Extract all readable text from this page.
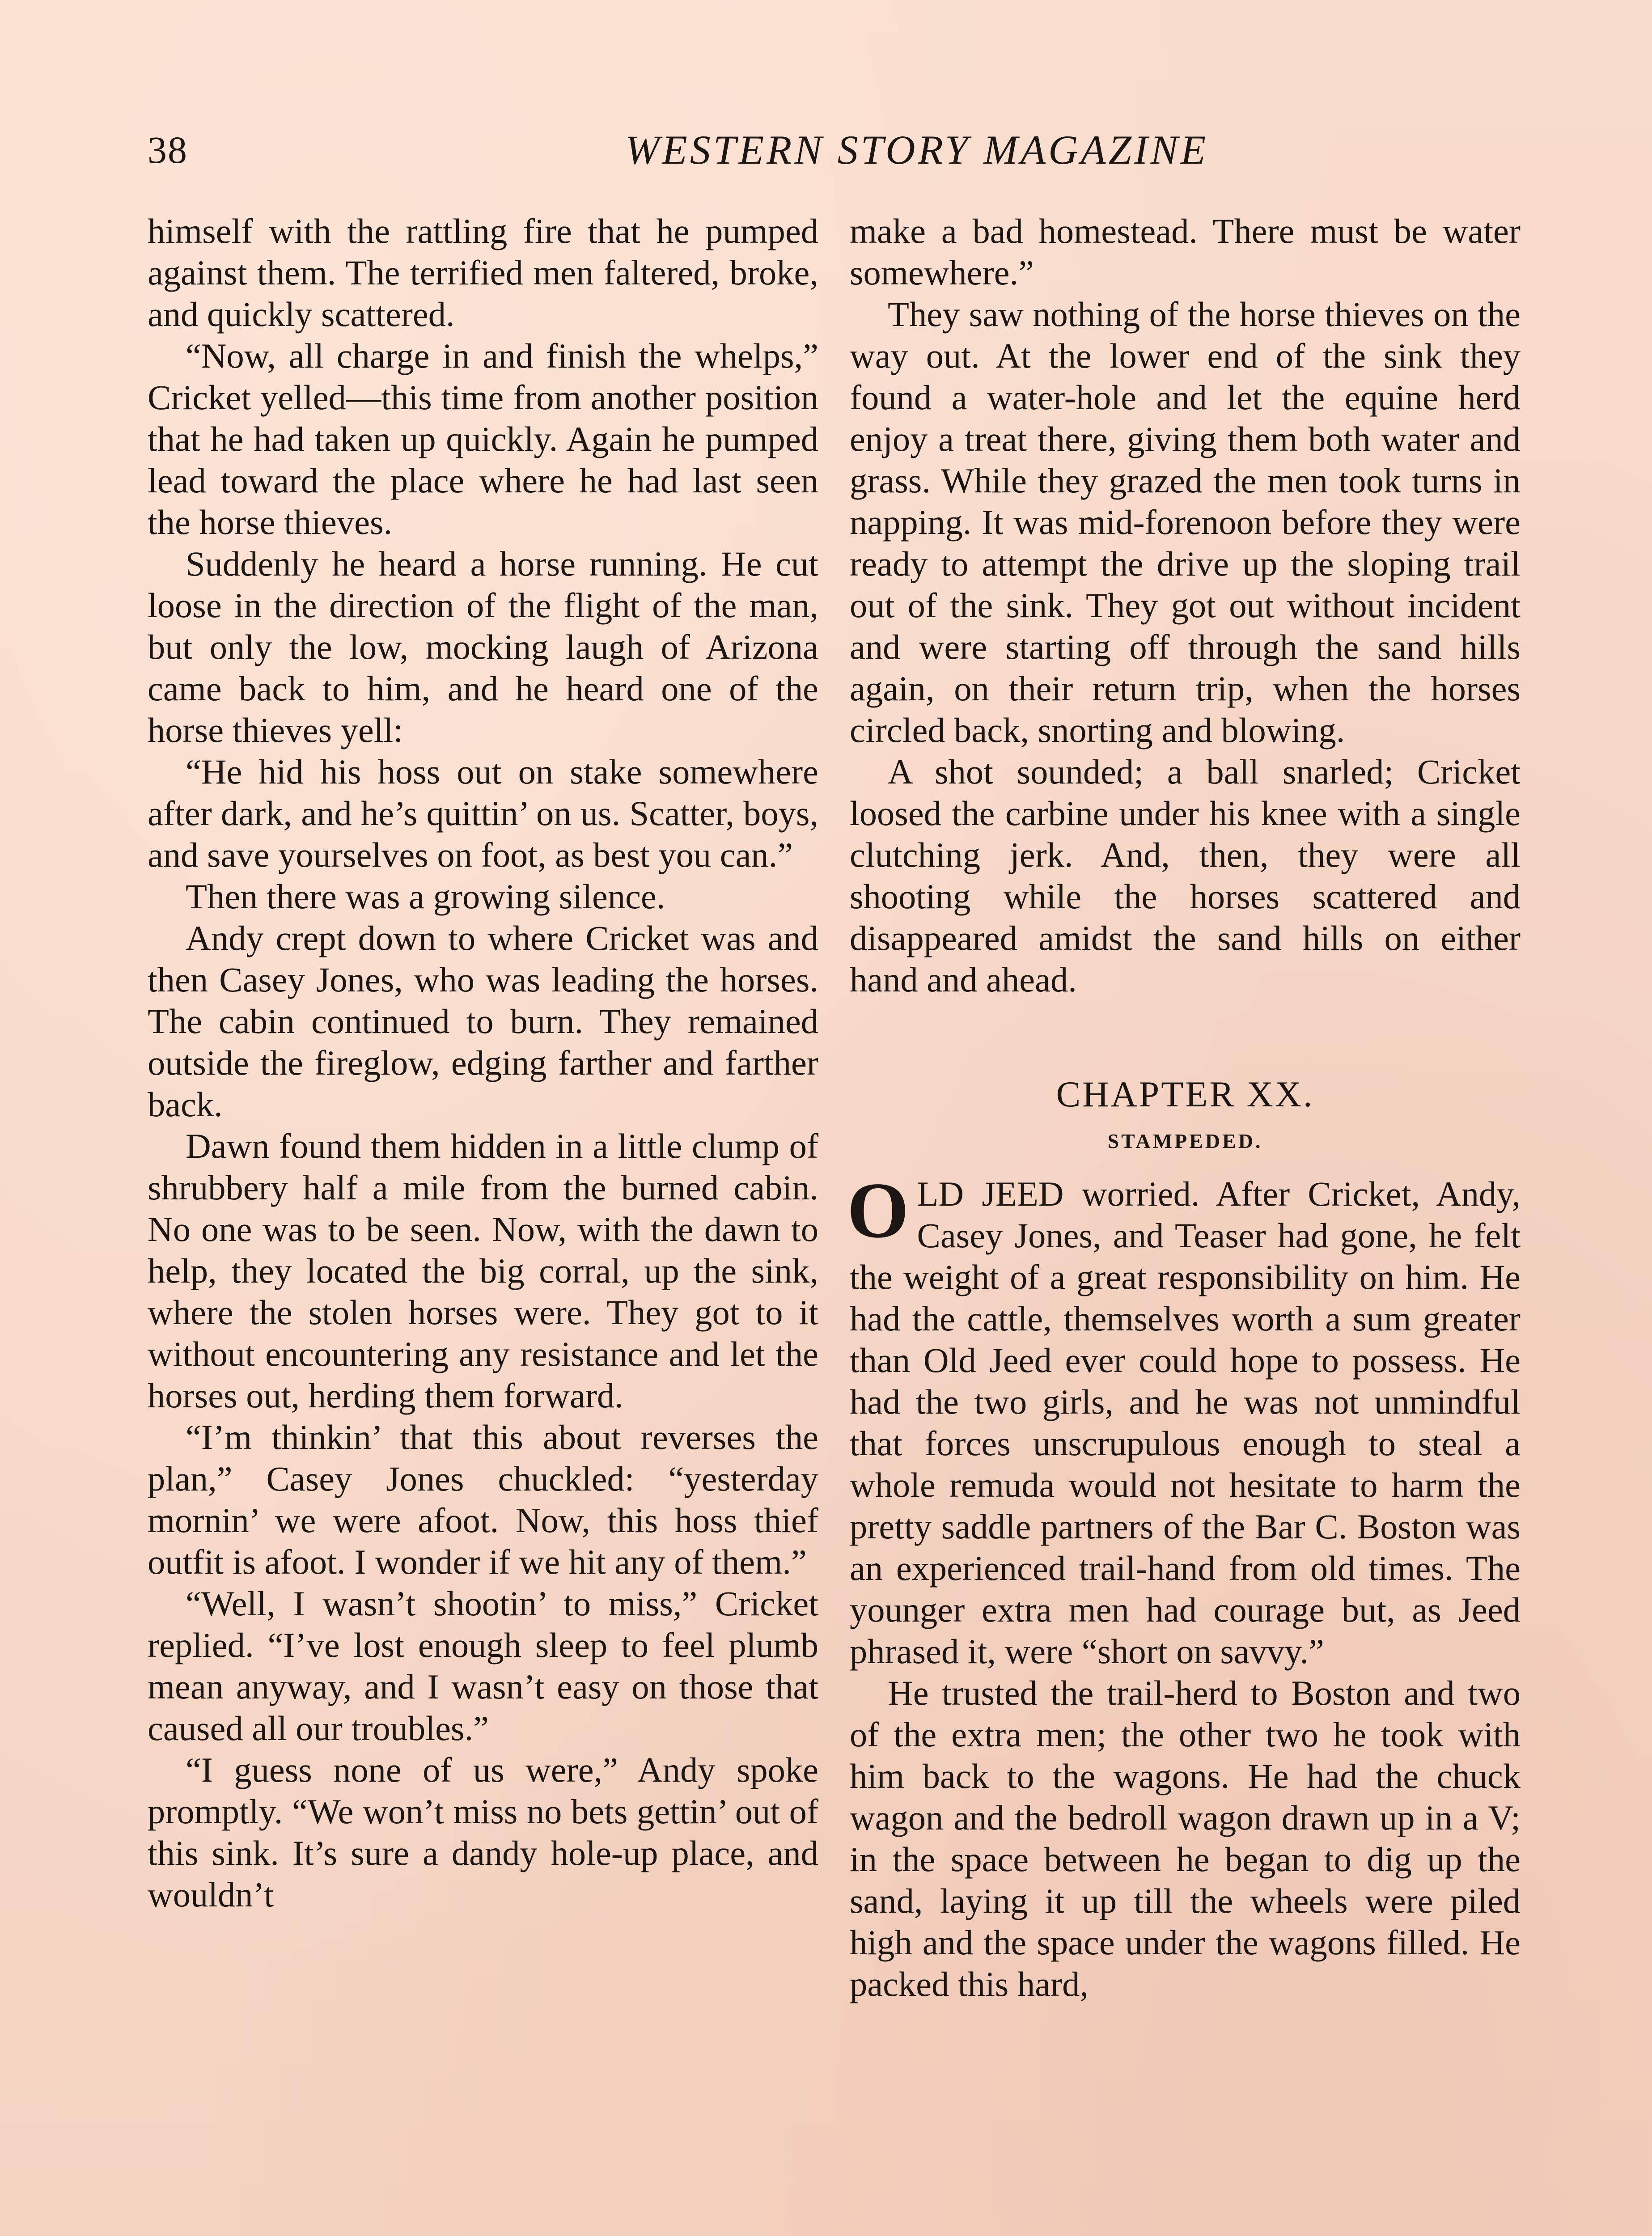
38	WESTERN STORY MAGAZINE

himself with the rattling fire that he pumped against them. The terrified men faltered, broke, and quickly scattered.

“Now, all charge in and finish the whelps,” Cricket yelled—this time from another position that he had taken up quickly. Again he pumped lead toward the place where he had last seen the horse thieves.

Suddenly he heard a horse running. He cut loose in the direction of the flight of the man, but only the low, mocking laugh of Arizona came back to him, and he heard one of the horse thieves yell:

“He hid his hoss out on stake somewhere after dark, and he’s quittin’ on us. Scatter, boys, and save yourselves on foot, as best you can.”

Then there was a growing silence.

Andy crept down to where Cricket was and then Casey Jones, who was leading the horses. The cabin continued to burn. They remained outside the fireglow, edging farther and farther back.

Dawn found them hidden in a little clump of shrubbery half a mile from the burned cabin. No one was to be seen. Now, with the dawn to help, they located the big corral, up the sink, where the stolen horses were. They got to it without encountering any resistance and let the horses out, herding them forward.

“I’m thinkin’ that this about reverses the plan,” Casey Jones chuckled: “yesterday mornin’ we were afoot. Now, this hoss thief outfit is afoot. I wonder if we hit any of them.”

“Well, I wasn’t shootin’ to miss,” Cricket replied. “I’ve lost enough sleep to feel plumb mean anyway, and I wasn’t easy on those that caused all our troubles.”

“I guess none of us were,” Andy spoke promptly. “We won’t miss no bets gettin’ out of this sink. It’s sure a dandy hole-up place, and wouldn’t

make a bad homestead. There must be water somewhere.”

They saw nothing of the horse thieves on the way out. At the lower end of the sink they found a water-hole and let the equine herd enjoy a treat there, giving them both water and grass. While they grazed the men took turns in napping. It was mid-forenoon before they were ready to attempt the drive up the sloping trail out of the sink. They got out without incident and were starting off through the sand hills again, on their return trip, when the horses circled back, snorting and blowing.

A shot sounded; a ball snarled; Cricket loosed the carbine under his knee with a single clutching jerk. And, then, they were all shooting while the horses scattered and disappeared amidst the sand hills on either hand and ahead.

CHAPTER XX.
STAMPEDED.

OLD JEED worried. After Cricket, Andy, Casey Jones, and Teaser had gone, he felt the weight of a great responsibility on him. He had the cattle, themselves worth a sum greater than Old Jeed ever could hope to possess. He had the two girls, and he was not unmindful that forces unscrupulous enough to steal a whole remuda would not hesitate to harm the pretty saddle partners of the Bar C. Boston was an experienced trail-hand from old times. The younger extra men had courage but, as Jeed phrased it, were “short on savvy.”

He trusted the trail-herd to Boston and two of the extra men; the other two he took with him back to the wagons. He had the chuck wagon and the bedroll wagon drawn up in a V; in the space between he began to dig up the sand, laying it up till the wheels were piled high and the space under the wagons filled. He packed this hard,
